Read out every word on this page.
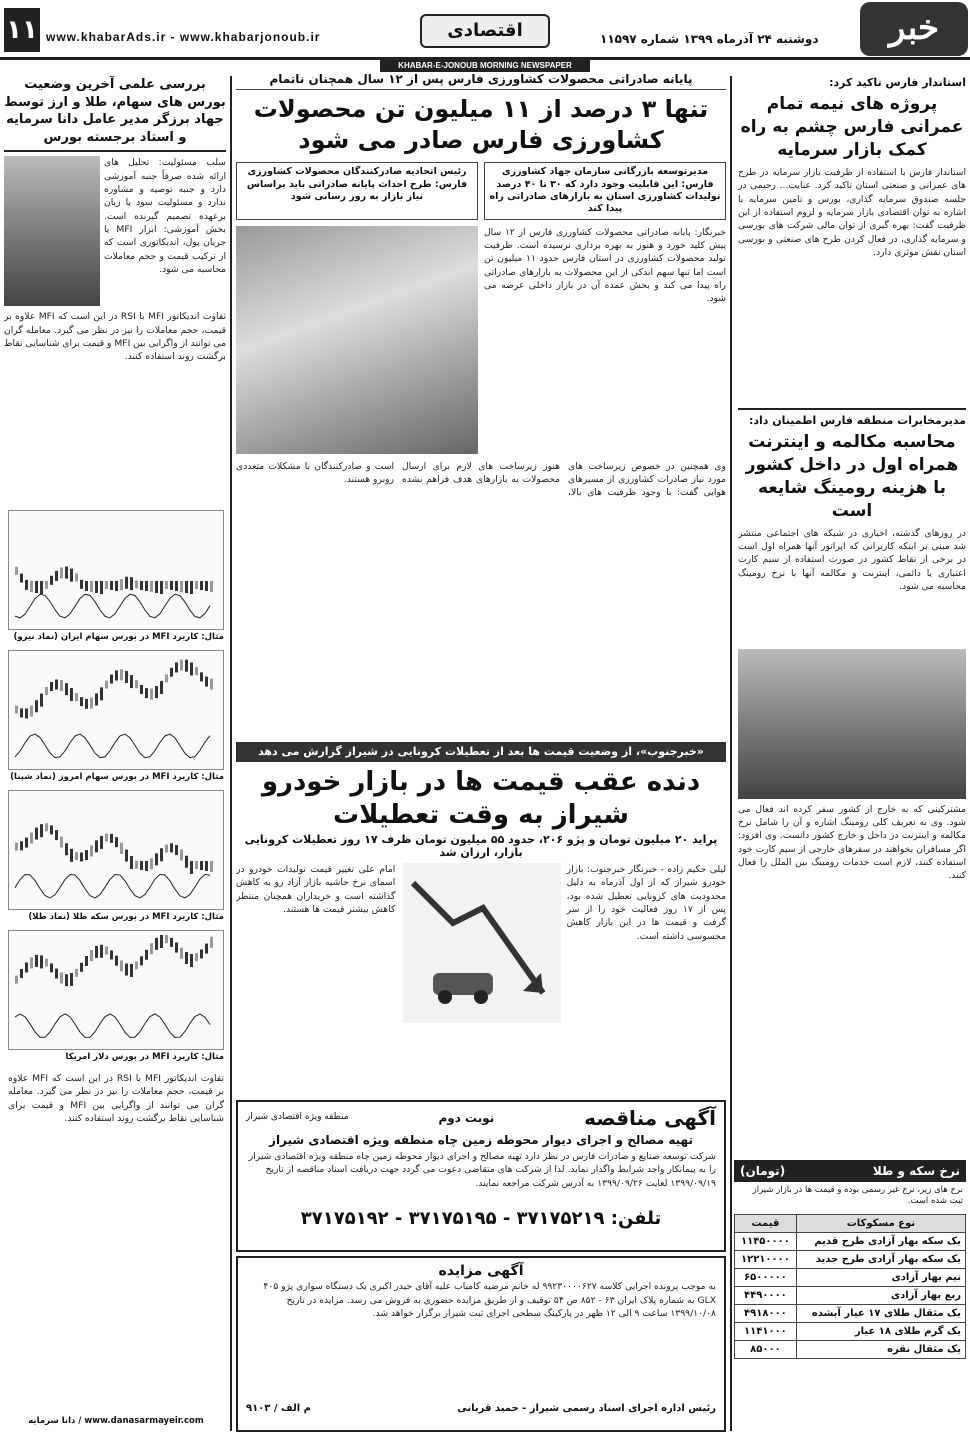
۱۱ www.khabarAds.ir - www.khabarjonoub.ir	اقتصادی	دوشنبه ۲۴ آذرماه ۱۳۹۹ شماره ۱۱۵۹۷	خبر
KHABAR-E-JONOUB MORNING NEWSPAPER
استاندار فارس تاکید کرد:
پروژه های نیمه تمام عمرانی فارس چشم به راه کمک بازار سرمایه
استاندار فارس با استفاده از ظرفیت بازار سرمایه در طرح های عمرانی و صنعتی استان تاکید کرد. عنایت... رحیمی در جلسه صندوق سرمایه گذاری، بورس و تامین سرمایه با اشاره به توان اقتصادی بازار سرمایه و لزوم استفاده از این ظرفیت گفت: بهره گیری از توان مالی شرکت های بورسی و سرمایه گذاری، در فعال کردن طرح های صنعتی و بورسی استان نقش موثری دارد.
مدیرمخابرات منطقه فارس اطمینان داد:
محاسبه مکالمه و اینترنت همراه اول در داخل کشور با هزینه رومینگ شایعه است
در روزهای گذشته، اخباری در شبکه های اجتماعی منتشر شد مبنی بر اینکه کاربرانی که اپراتور آنها همراه اول است در برخی از نقاط کشور در صورت استفاده از سیم کارت اعتباری یا دائمی، اینترنت و مکالمه آنها با نرخ رومینگ محاسبه می شود.
مشترکینی که به خارج از کشور سفر کرده اند فعال می شود. وی به تعریف کلی رومینگ اشاره و آن را شامل نرخ مکالمه و اینترنت در داخل و خارج کشور دانست. وی افزود: اگر مسافران بخواهند در سفرهای خارجی از سیم کارت خود استفاده کنند، لازم است خدمات رومینگ بین الملل را فعال کنند.
نرخ سکه و طلا
(تومان)
نرخ های زیر، نرخ غیر رسمی بوده و قیمت ها در بازار شیراز ثبت شده است.
نوع مسکوکات	قیمت
یک سکه بهار آزادی طرح قدیم	۱۱۴۵۰۰۰۰
یک سکه بهار آزادی طرح جدید	۱۲۲۱۰۰۰۰
نیم بهار آزادی	۶۵۰۰۰۰۰
ربع بهار آزادی	۴۴۹۰۰۰۰
یک مثقال طلای ۱۷ عیار آبشده	۴۹۱۸۰۰۰
یک گرم طلای ۱۸ عیار	۱۱۴۱۰۰۰
یک مثقال نقره	۸۵۰۰۰
پایانه صادراتی محصولات کشاورزی فارس پس از ۱۲ سال همچنان ناتمام
تنها ۳ درصد از ۱۱ میلیون تن محصولات کشاورزی فارس صادر می شود
مدیرتوسعه بازرگانی سازمان جهاد کشاورزی فارس: این قابلیت وجود دارد که ۳۰ تا ۴۰ درصد تولیدات کشاورزی استان به بازارهای صادراتی راه پیدا کند
رئیس اتحادیه صادرکنندگان محصولات کشاورزی فارس: طرح احداث پایانه صادراتی باید براساس نیاز بازار به روز رسانی شود
خبرنگار: پایانه صادراتی محصولات کشاورزی فارس از ۱۲ سال پیش کلید خورد و هنوز به بهره برداری نرسیده است. ظرفیت تولید محصولات کشاورزی در استان فارس حدود ۱۱ میلیون تن است اما تنها سهم اندکی از این محصولات به بازارهای صادراتی راه پیدا می کند و بخش عمده آن در بازار داخلی عرضه می شود.
وی همچنین در خصوص زیرساخت های مورد نیاز صادرات کشاورزی از مسیرهای هوایی گفت: با وجود ظرفیت های بالا، هنوز زیرساخت های لازم برای ارسال محصولات به بازارهای هدف فراهم نشده است و صادرکنندگان با مشکلات متعددی روبرو هستند.
«خبرجنوب»، از وضعیت قیمت ها بعد از تعطیلات کرونایی در شیراز گزارش می دهد
دنده عقب قیمت ها در بازار خودرو شیراز به وقت تعطیلات
پراید ۲۰ میلیون تومان و پژو ۲۰۶، حدود ۵۵ میلیون تومان ظرف ۱۷ روز تعطیلات کرونایی بازار، ارزان شد
لیلی حکیم زاده - خبرنگار خبرجنوب: بازار خودرو شیراز که از اول آذرماه به دلیل محدودیت های کرونایی تعطیل شده بود، پس از ۱۷ روز فعالیت خود را از سر گرفت و قیمت ها در این بازار کاهش محسوسی داشته است.
امام علی تغییر قیمت تولیدات خودرو در اسمای نرخ حاشیه بازار آزاد رو به کاهش گذاشته است و خریداران همچنان منتظر کاهش بیشتر قیمت ها هستند.
آگهی مناقصه
نوبت دوم
منطقه ویژه اقتصادی شیراز
تهیه مصالح و اجرای دیوار محوطه زمین چاه منطقه ویژه اقتصادی شیراز
شرکت توسعه صنایع و صادرات فارس در نظر دارد تهیه مصالح و اجرای دیوار محوطه زمین چاه منطقه ویژه اقتصادی شیراز را به پیمانکار واجد شرایط واگذار نماید. لذا از شرکت های متقاضی دعوت می گردد جهت دریافت اسناد مناقصه از تاریخ ۱۳۹۹/۰۹/۱۹ لغایت ۱۳۹۹/۰۹/۲۶ به آدرس شرکت مراجعه نمایند.
تلفن: ۳۷۱۷۵۲۱۹ - ۳۷۱۷۵۱۹۵ - ۳۷۱۷۵۱۹۲
آگهی مزایده
به موجب پرونده اجرایی کلاسه ۹۹۲۳۰۰۰۰۶۲۷ له خانم مرضیه کامیاب علیه آقای حیدر اکبری یک دستگاه سواری پژو ۴۰۵ GLX به شماره پلاک ایران ۶۳ - ۸۵۲ ص ۵۴ توقیف و از طریق مزایده حضوری به فروش می رسد. مزایده در تاریخ ۱۳۹۹/۱۰/۰۸ ساعت ۹ الی ۱۲ ظهر در پارکینگ سطحی اجرای ثبت شیراز برگزار خواهد شد.
رئیس اداره اجرای اسناد رسمی شیراز - حمید قربانی
م الف / ۹۱۰۳
بررسی علمی آخرین وضعیت بورس های سهام، طلا و ارز توسط جهاد برزگر مدیر عامل دانا سرمایه و استاد برجسته بورس
سلب مسئولیت: تحلیل های ارائه شده صرفاً جنبه آموزشی دارد و جنبه توصیه و مشاوره ندارد و مسئولیت سود یا زیان برعهده تصمیم گیرنده است. بخش آموزشی: ابزار MFI یا جریان پول، اندیکاتوری است که از ترکیب قیمت و حجم معاملات محاسبه می شود.
تفاوت اندیکاتور MFI با RSI در این است که MFI علاوه بر قیمت، حجم معاملات را نیز در نظر می گیرد. معامله گران می توانند از واگرایی بین MFI و قیمت برای شناسایی نقاط برگشت روند استفاده کنند.
مثال: کاربرد MFI در بورس سهام ایران (نماد نیرو)
مثال: کاربرد MFI در بورس سهام امروز (نماد شپنا)
مثال: کاربرد MFI در بورس سکه طلا (نماد طلا)
مثال: کاربرد MFI در بورس دلار امریکا
تفاوت اندیکاتور MFI با RSI در این است که MFI علاوه بر قیمت، حجم معاملات را نیز در نظر می گیرد. معامله گران می توانند از واگرایی بین MFI و قیمت برای شناسایی نقاط برگشت روند استفاده کنند.
www.danasarmayeir.com / دانا سرمایه
